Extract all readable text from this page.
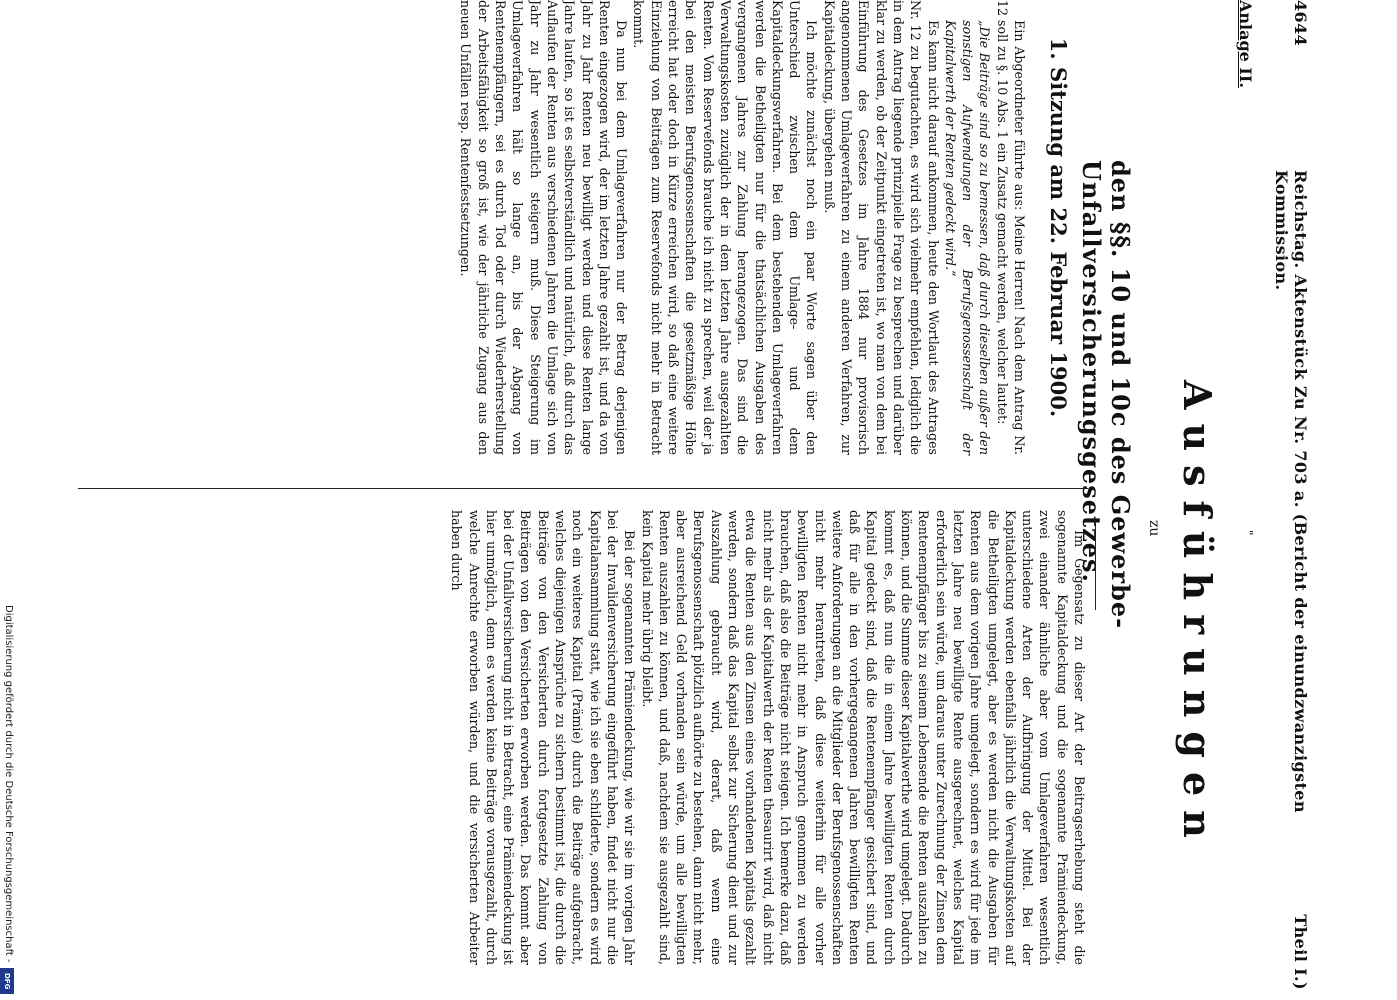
4644
Reichstag. Aktenstück Zu Nr. 703 a. (Bericht der einundzwanzigsten Kommission.
Theil I.)
Anlage II.
"
Ausführungen
zu
den §§. 10 und 10c des Gewerbe-Unfallversicherungsgesetzes.
1. Sitzung am 22. Februar 1900.

Ein Abgeordneter führte aus: Meine Herren! Nach dem Antrag Nr. 12 soll zu §. 10 Abs. 1 ein Zusatz gemacht werden, welcher lautet:

„Die Beiträge sind so zu bemessen, daß durch dieselben außer den sonstigen Aufwendungen der Berufsgenossenschaft der Kapitalwerth der Renten gedeckt wird.“

Es kann nicht darauf ankommen, heute den Wortlaut des Antrages Nr. 12 zu begutachten, es wird sich vielmehr empfehlen, lediglich die in dem Antrag liegende prinzipielle Frage zu besprechen und darüber klar zu werden, ob der Zeitpunkt eingetreten ist, wo man von dem bei Einführung des Gesetzes im Jahre 1884 nur provisorisch angenommenen Umlageverfahren zu einem anderen Verfahren, zur Kapitaldeckung, übergehen muß.

Ich möchte zunächst noch ein paar Worte sagen über den Unterschied zwischen dem Umlage- und dem Kapitaldeckungsverfahren. Bei dem bestehenden Umlageverfahren werden die Betheiligten nur für die thatsächlichen Ausgaben des vergangenen Jahres zur Zahlung herangezogen. Das sind die Verwaltungskosten zuzüglich der in dem letzten Jahre ausgezahlten Renten. Vom Reservefonds brauche ich nicht zu sprechen, weil der ja bei den meisten Berufsgenossenschaften die gesetzmäßige Höhe erreicht hat oder doch in Kürze erreichen wird, so daß eine weitere Einziehung von Beiträgen zum Reservefonds nicht mehr in Betracht kommt.

Da nun bei dem Umlageverfahren nur der Betrag derjenigen Renten eingezogen wird, der im letzten Jahre gezahlt ist, und da von Jahr zu Jahr Renten neu bewilligt werden und diese Renten lange Jahre laufen, so ist es selbstverständlich und natürlich, daß durch das Auflaufen der Renten aus verschiedenen Jahren die Umlage sich von Jahr zu Jahr wesentlich steigern muß. Diese Steigerung im Umlageverfahren hält so lange an, bis der Abgang von Rentenempfängern, sei es durch Tod oder durch Wiederherstellung der Arbeitsfähigkeit so groß ist, wie der jährliche Zugang aus den neuen Unfällen resp. Rentenfestsetzungen.

Im Gegensatz zu dieser Art der Beitragserhebung steht die sogenannte Kapitaldeckung und die sogenannte Prämiendeckung, zwei einander ähnliche aber vom Umlageverfahren wesentlich unterschiedene Arten der Aufbringung der Mittel. Bei der Kapitaldeckung werden ebenfalls jährlich die Verwaltungskosten auf die Betheiligten umgelegt, aber es werden nicht die Ausgaben für Renten aus dem vorigen Jahre umgelegt, sondern es wird für jede im letzten Jahre neu bewilligte Rente ausgerechnet, welches Kapital erforderlich sein würde, um daraus unter Zurechnung der Zinsen dem Rentenempfänger bis zu seinem Lebensende die Renten auszahlen zu können, und die Summe dieser Kapitalwerthe wird umgelegt. Dadurch kommt es, daß nun die in einem Jahre bewilligten Renten durch Kapital gedeckt sind, daß die Rentenempfänger gesichert sind, und daß für alle in den vorhergegangenen Jahren bewilligten Renten weitere Anforderungen an die Mitglieder der Berufsgenossenschaften nicht mehr herantreten, daß diese weiterhin für alle vorher bewilligten Renten nicht mehr in Anspruch genommen zu werden brauchen, daß also die Beiträge nicht steigen. Ich bemerke dazu, daß nicht mehr als der Kapitalwerth der Renten thesaurirt wird, daß nicht etwa die Renten aus den Zinsen eines vorhandenen Kapitals gezahlt werden, sondern daß das Kapital selbst zur Sicherung dient und zur Auszahlung gebraucht wird, derart, daß wenn eine Berufsgenossenschaft plötzlich aufhörte zu bestehen, dann nicht mehr, aber ausreichend Geld vorhanden sein würde, um alle bewilligten Renten auszahlen zu können, und daß, nachdem sie ausgezahlt sind, kein Kapital mehr übrig bleibt.

Bei der sogenannten Prämiendeckung, wie wir sie im vorigen Jahr bei der Invalidenversicherung eingeführt haben, findet nicht nur die Kapitalansammlung statt, wie ich sie eben schilderte, sondern es wird noch ein weiteres Kapital (Prämie) durch die Beiträge aufgebracht, welches diejenigen Ansprüche zu sichern bestimmt ist, die durch die Beiträge von den Versicherten durch fortgesetzte Zahlung von Beiträgen von den Versicherten erworben werden. Das kommt aber bei der Unfallversicherung nicht in Betracht, eine Prämiendeckung ist hier unmöglich, denn es werden keine Beiträge vorausgezahlt, durch welche Anrechte erworben würden, und die versicherten Arbeiter haben durch

Digitalisierung gefördert durch die Deutsche Forschungsgemeinschaft -
DFG
